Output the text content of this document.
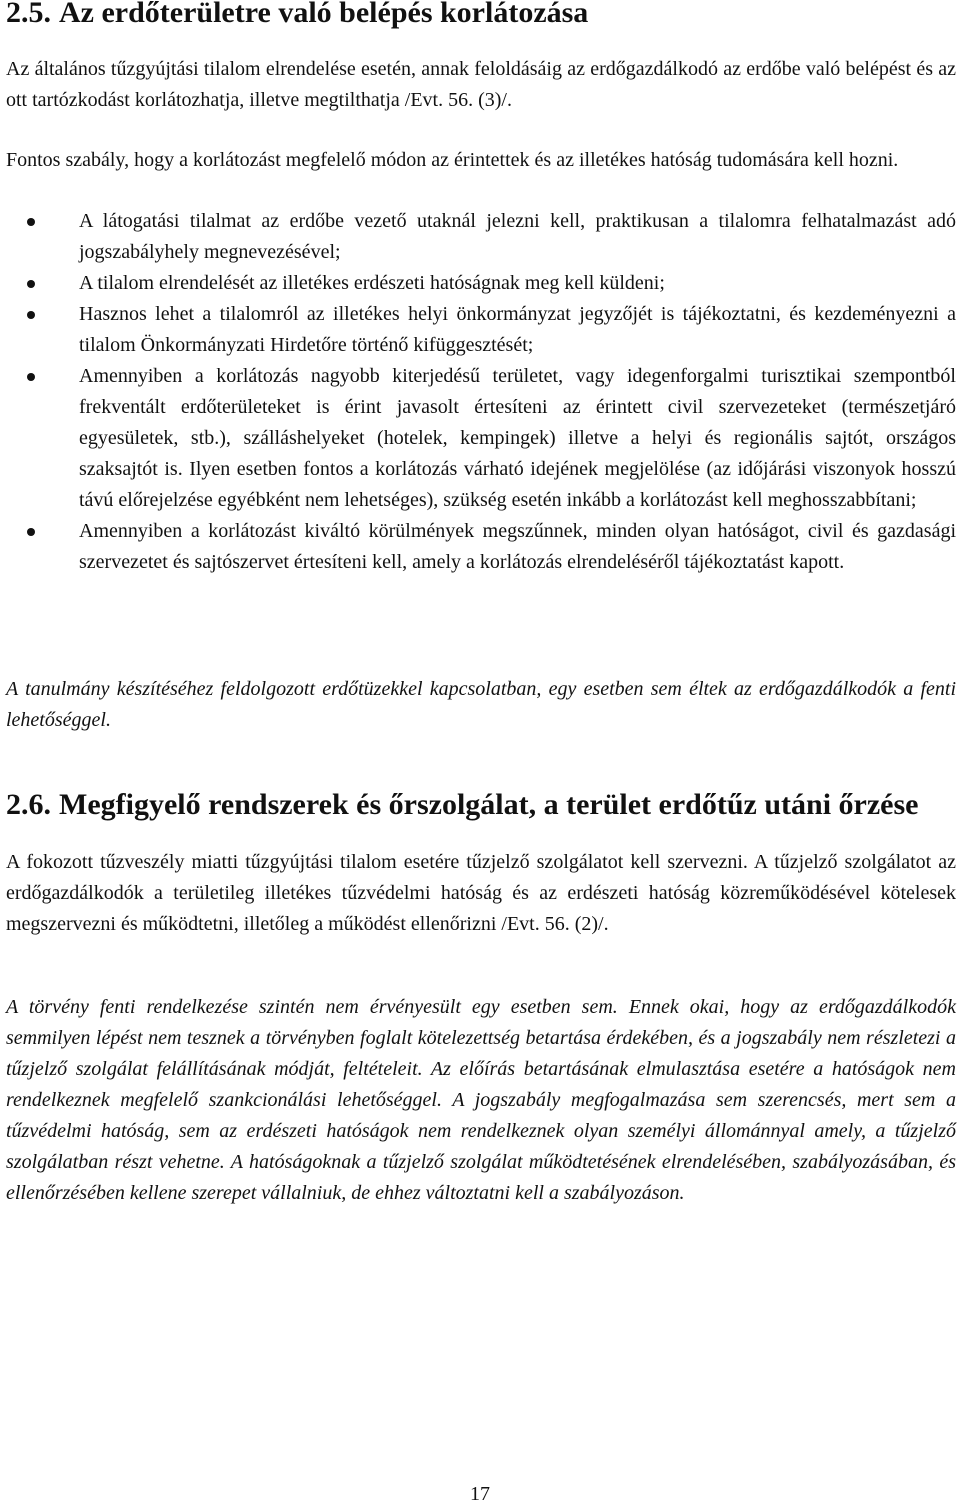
2.5. Az erdőterületre való belépés korlátozása

Az általános tűzgyújtási tilalom elrendelése esetén, annak feloldásáig az erdőgazdálkodó az erdőbe való belépést és az ott tartózkodást korlátozhatja, illetve megtilthatja /Evt. 56. (3)/.

Fontos szabály, hogy a korlátozást megfelelő módon az érintettek és az illetékes hatóság tudomására kell hozni.

A látogatási tilalmat az erdőbe vezető utaknál jelezni kell, praktikusan a tilalomra felhatalmazást adó jogszabályhely megnevezésével;
A tilalom elrendelését az illetékes erdészeti hatóságnak meg kell küldeni;
Hasznos lehet a tilalomról az illetékes helyi önkormányzat jegyzőjét is tájékoztatni, és kezdeményezni a tilalom Önkormányzati Hirdetőre történő kifüggesztését;
Amennyiben a korlátozás nagyobb kiterjedésű területet, vagy idegenforgalmi turisztikai szempontból frekventált erdőterületeket is érint javasolt értesíteni az érintett civil szervezeteket (természetjáró egyesületek, stb.), szálláshelyeket (hotelek, kempingek) illetve a helyi és regionális sajtót, országos szaksajtót is. Ilyen esetben fontos a korlátozás várható idejének megjelölése (az időjárási viszonyok hosszú távú előrejelzése egyébként nem lehetséges), szükség esetén inkább a korlátozást kell meghosszabbítani;
Amennyiben a korlátozást kiváltó körülmények megszűnnek, minden olyan hatóságot, civil és gazdasági szervezetet és sajtószervet értesíteni kell, amely a korlátozás elrendeléséről tájékoztatást kapott.

A tanulmány készítéséhez feldolgozott erdőtüzekkel kapcsolatban, egy esetben sem éltek az erdőgazdálkodók a fenti lehetőséggel.

2.6. Megfigyelő rendszerek és őrszolgálat, a terület erdőtűz utáni őrzése

A fokozott tűzveszély miatti tűzgyújtási tilalom esetére tűzjelző szolgálatot kell szervezni. A tűzjelző szolgálatot az erdőgazdálkodók a területileg illetékes tűzvédelmi hatóság és az erdészeti hatóság közreműködésével kötelesek megszervezni és működtetni, illetőleg a működést ellenőrizni /Evt. 56. (2)/.

A törvény fenti rendelkezése szintén nem érvényesült egy esetben sem. Ennek okai, hogy az erdőgazdálkodók semmilyen lépést nem tesznek a törvényben foglalt kötelezettség betartása érdekében, és a jogszabály nem részletezi a tűzjelző szolgálat felállításának módját, feltételeit. Az előírás betartásának elmulasztása esetére a hatóságok nem rendelkeznek megfelelő szankcionálási lehetőséggel. A jogszabály megfogalmazása sem szerencsés, mert sem a tűzvédelmi hatóság, sem az erdészeti hatóságok nem rendelkeznek olyan személyi állománnyal amely, a tűzjelző szolgálatban részt vehetne. A hatóságoknak a tűzjelző szolgálat működtetésének elrendelésében, szabályozásában, és ellenőrzésében kellene szerepet vállalniuk, de ehhez változtatni kell a szabályozáson.

17
